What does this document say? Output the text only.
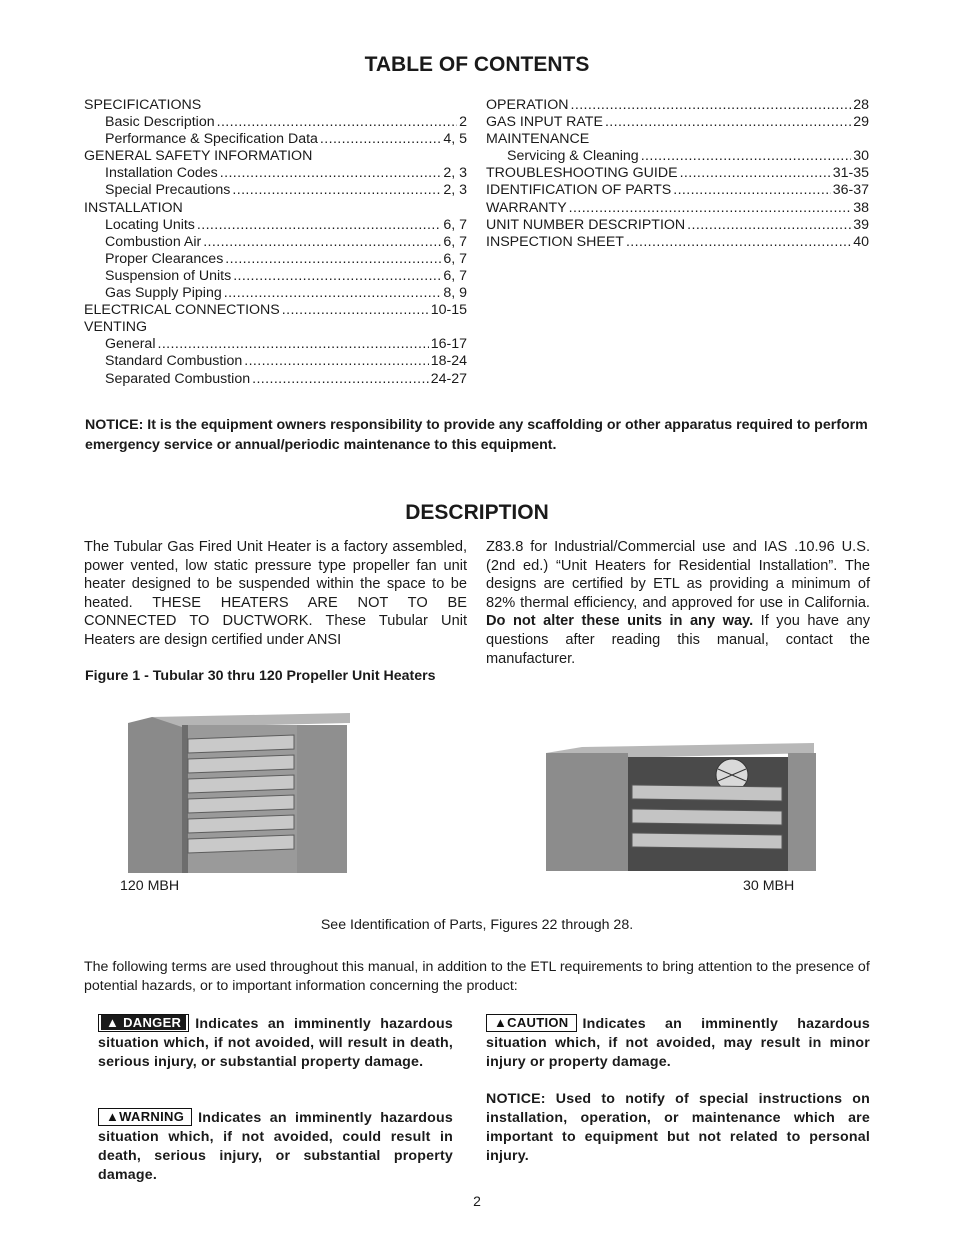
TABLE OF CONTENTS
SPECIFICATIONS
Basic Description .....	2
Performance & Specification Data .....	4, 5
GENERAL SAFETY INFORMATION
Installation Codes .....	2, 3
Special Precautions .....	2, 3
INSTALLATION
Locating Units .....	6, 7
Combustion Air .....	6, 7
Proper Clearances .....	6, 7
Suspension of Units .....	6, 7
Gas Supply Piping .....	8, 9
ELECTRICAL CONNECTIONS .....	10-15
VENTING
General .....	16-17
Standard Combustion .....	18-24
Separated Combustion .....	24-27
OPERATION .....	28
GAS INPUT RATE .....	29
MAINTENANCE
Servicing & Cleaning .....	30
TROUBLESHOOTING GUIDE .....	31-35
IDENTIFICATION OF PARTS .....	36-37
WARRANTY .....	38
UNIT NUMBER DESCRIPTION .....	39
INSPECTION SHEET .....	40
NOTICE: It is the equipment owners responsibility to provide any scaffolding or other apparatus required to perform emergency service or annual/periodic maintenance to this equipment.
DESCRIPTION
The Tubular Gas Fired Unit Heater is a factory assembled, power vented, low static pressure type propeller fan unit heater designed to be suspended within the space to be heated. THESE HEATERS ARE NOT TO BE CONNECTED TO DUCTWORK. These Tubular Unit Heaters are design certified under ANSI
Z83.8 for Industrial/Commercial use and IAS .10.96 U.S. (2nd ed.) “Unit Heaters for Residential Installation”. The designs are certified by ETL as providing a minimum of 82% thermal efficiency, and approved for use in California. Do not alter these units in any way. If you have any questions after reading this manual, contact the manufacturer.
Figure 1 - Tubular 30 thru 120 Propeller Unit Heaters
120 MBH	30 MBH
See Identification of Parts, Figures 22 through 28.
The following terms are used throughout this manual, in addition to the ETL requirements to bring attention to the presence of potential hazards, or to important information concerning the product:
▲ DANGER Indicates an imminently hazardous situation which, if not avoided, will result in death, serious injury, or substantial property damage.
▲WARNING Indicates an imminently hazardous situation which, if not avoided, could result in death, serious injury, or substantial property damage.
▲CAUTION Indicates an imminently hazardous situation which, if not avoided, may result in minor injury or property damage.
NOTICE: Used to notify of special instructions on installation, operation, or maintenance which are important to equipment but not related to personal injury.
2
